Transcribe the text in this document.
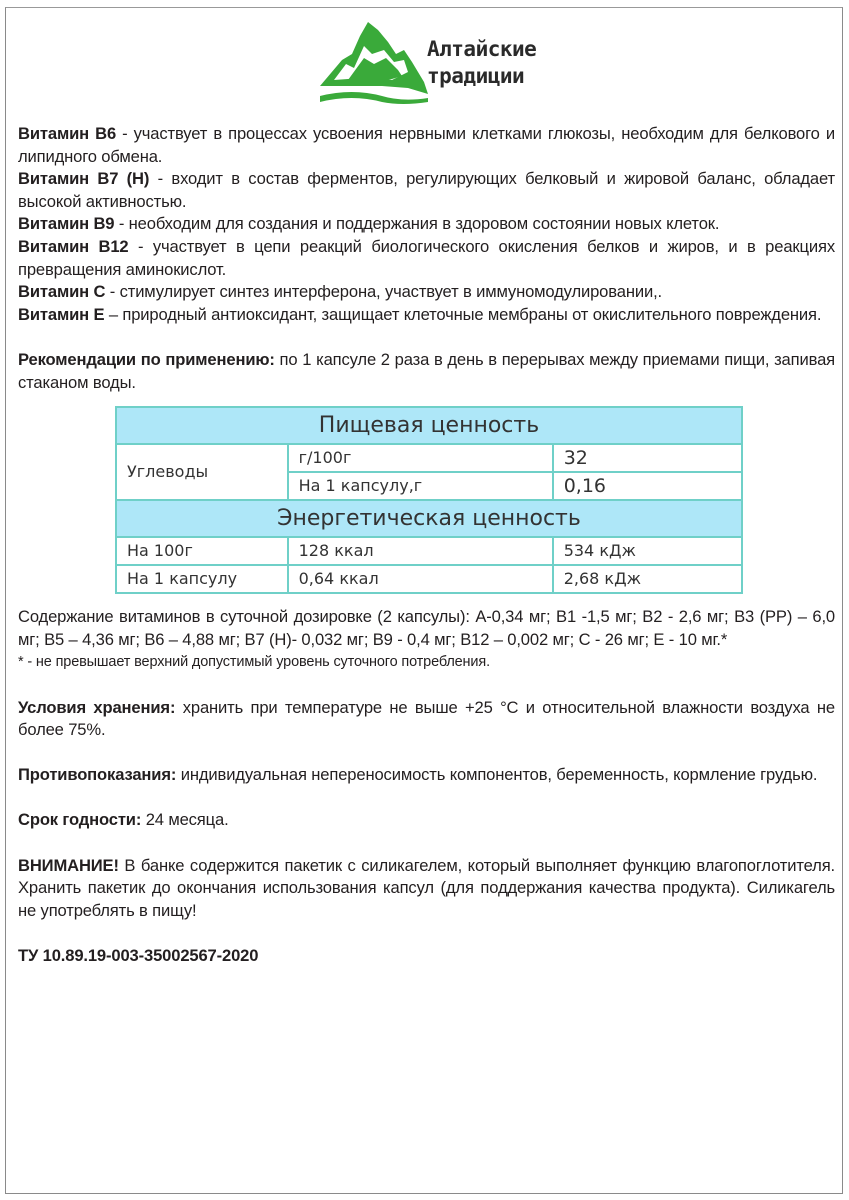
Алтайские
традиции

Витамин В6 - участвует в процессах усвоения нервными клетками глюкозы, необходим для белкового и липидного обмена.

Витамин В7 (Н) - входит в состав ферментов, регулирующих белковый и жировой баланс, обладает высокой активностью.

Витамин В9 - необходим для создания и поддержания в здоровом состоянии новых клеток.

Витамин В12 - участвует в цепи реакций биологического окисления белков и жиров, и в реакциях превращения аминокислот.

Витамин С - стимулирует синтез интерферона, участвует в иммуномодулировании,.

Витамин Е – природный антиоксидант, защищает клеточные мембраны от окислительного повреждения.

Рекомендации по применению: по 1 капсуле 2 раза в день в перерывах между приемами пищи, запивая стаканом воды.

Пищевая ценность		
Углеводы	г/100г	32
	На 1 капсулу,г	0,16
Энергетическая ценность		
На 100г	128 ккал	534 кДж
На 1 капсулу	0,64 ккал	2,68 кДж

Содержание витаминов в суточной дозировке (2 капсулы): А-0,34 мг; В1 -1,5 мг; В2 - 2,6 мг; В3 (РР) – 6,0 мг; В5 – 4,36 мг; В6 – 4,88 мг; В7 (Н)- 0,032 мг; В9 - 0,4 мг; В12 – 0,002 мг; С - 26 мг; Е - 10 мг.*

* - не превышает верхний допустимый уровень суточного потребления.

Условия хранения: хранить при температуре не выше +25 °С и относительной влажности воздуха не более 75%.

Противопоказания: индивидуальная непереносимость компонентов, беременность, кормление грудью.

Срок годности: 24 месяца.

ВНИМАНИЕ! В банке содержится пакетик с силикагелем, который выполняет функцию влагопоглотителя. Хранить пакетик до окончания использования капсул (для поддержания качества продукта). Силикагель не употреблять в пищу!

ТУ 10.89.19-003-35002567-2020
